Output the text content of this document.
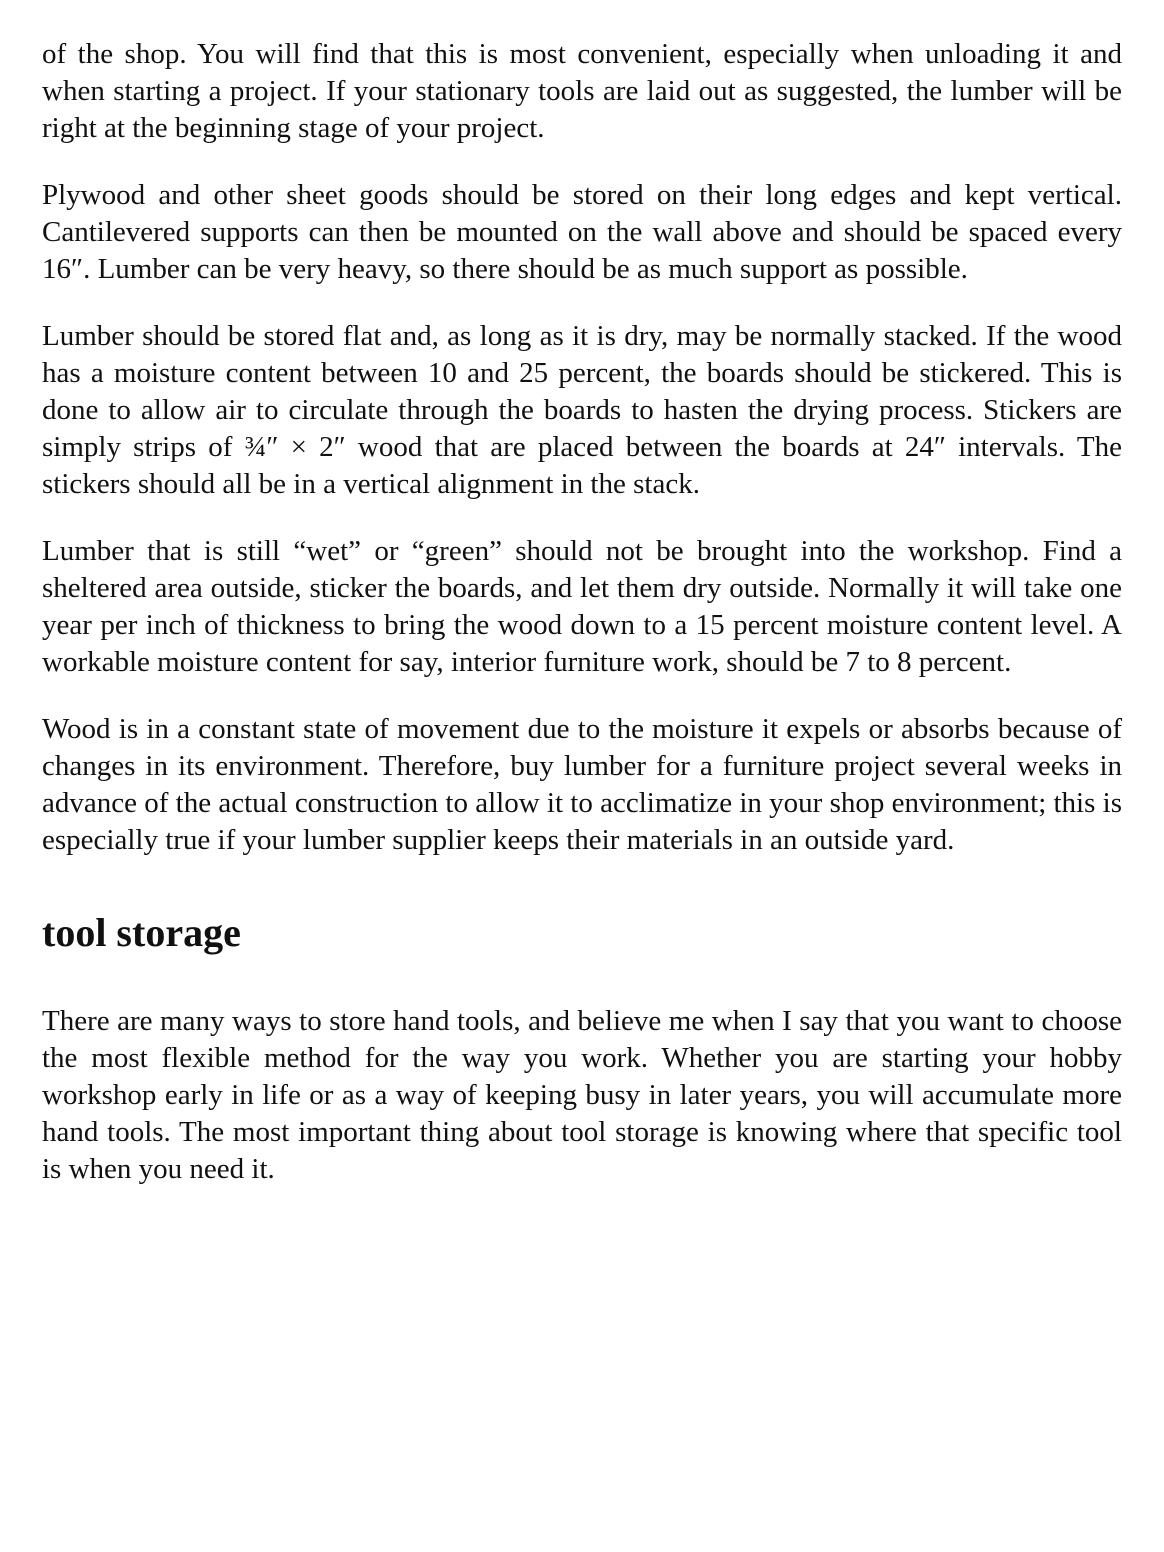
of the shop. You will find that this is most convenient, especially when unloading it and when starting a project. If your stationary tools are laid out as suggested, the lumber will be right at the beginning stage of your project.

Plywood and other sheet goods should be stored on their long edges and kept vertical. Cantilevered supports can then be mounted on the wall above and should be spaced every 16″. Lumber can be very heavy, so there should be as much support as possible.

Lumber should be stored flat and, as long as it is dry, may be normally stacked. If the wood has a moisture content between 10 and 25 percent, the boards should be stickered. This is done to allow air to circulate through the boards to hasten the drying process. Stickers are simply strips of ¾″ × 2″ wood that are placed between the boards at 24″ intervals. The stickers should all be in a vertical alignment in the stack.

Lumber that is still “wet” or “green” should not be brought into the workshop. Find a sheltered area outside, sticker the boards, and let them dry outside. Normally it will take one year per inch of thickness to bring the wood down to a 15 percent moisture content level. A workable moisture content for say, interior furniture work, should be 7 to 8 percent.

Wood is in a constant state of movement due to the moisture it expels or absorbs because of changes in its environment. Therefore, buy lumber for a furniture project several weeks in advance of the actual construction to allow it to acclimatize in your shop environment; this is especially true if your lumber supplier keeps their materials in an outside yard.

tool storage

There are many ways to store hand tools, and believe me when I say that you want to choose the most flexible method for the way you work. Whether you are starting your hobby workshop early in life or as a way of keeping busy in later years, you will accumulate more hand tools. The most important thing about tool storage is knowing where that specific tool is when you need it.
